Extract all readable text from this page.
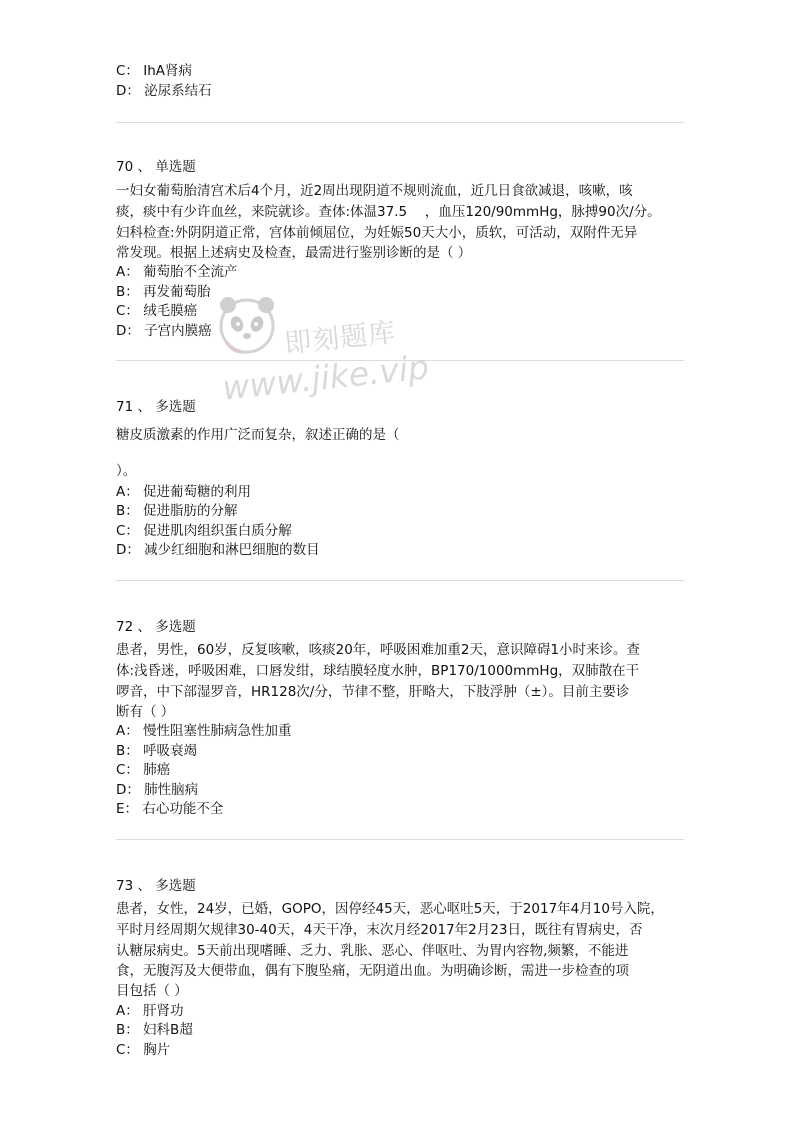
C： IhA肾病
D： 泌尿系结石
70 、 单选题
一妇女葡萄胎清宫术后4个月，近2周出现阴道不规则流血，近几日食欲减退，咳嗽，咳
痰，痰中有少许血丝，来院就诊。查体:体温37.5 　，血压120/90mmHg，脉搏90次/分。
妇科检查:外阴阴道正常，宫体前倾屈位，为妊娠50天大小，质软，可活动，双附件无异
常发现。根据上述病史及检查，最需进行鉴别诊断的是（ ）
A： 葡萄胎不全流产
B： 再发葡萄胎
C： 绒毛膜癌
D： 子宫内膜癌
71 、 多选题
糖皮质激素的作用广泛而复杂，叙述正确的是（
）。
A： 促进葡萄糖的利用
B： 促进脂肪的分解
C： 促进肌肉组织蛋白质分解
D： 减少红细胞和淋巴细胞的数目
72 、 多选题
患者，男性，60岁，反复咳嗽，咳痰20年，呼吸困难加重2天，意识障碍1小时来诊。查
体:浅昏迷，呼吸困难，口唇发绀，球结膜轻度水肿，BP170/1000mmHg，双肺散在干
啰音，中下部湿罗音，HR128次/分，节律不整，肝略大，下肢浮肿（±）。目前主要诊
断有（ ）
A： 慢性阻塞性肺病急性加重
B： 呼吸衰竭
C： 肺癌
D： 肺性脑病
E： 右心功能不全
73 、 多选题
患者，女性，24岁，已婚，GOPO，因停经45天，恶心呕吐5天，于2017年4月10号入院，
平时月经周期欠规律30-40天，4天干净，末次月经2017年2月23日，既往有胃病史，否
认糖尿病史。5天前出现嗜睡、乏力、乳胀、恶心、伴呕吐、为胃内容物,频繁，不能进
食，无腹泻及大便带血，偶有下腹坠痛，无阴道出血。为明确诊断，需进一步检查的项
目包括（ ）
A： 肝肾功
B： 妇科B超
C： 胸片
即刻题库
www.jike.vip
